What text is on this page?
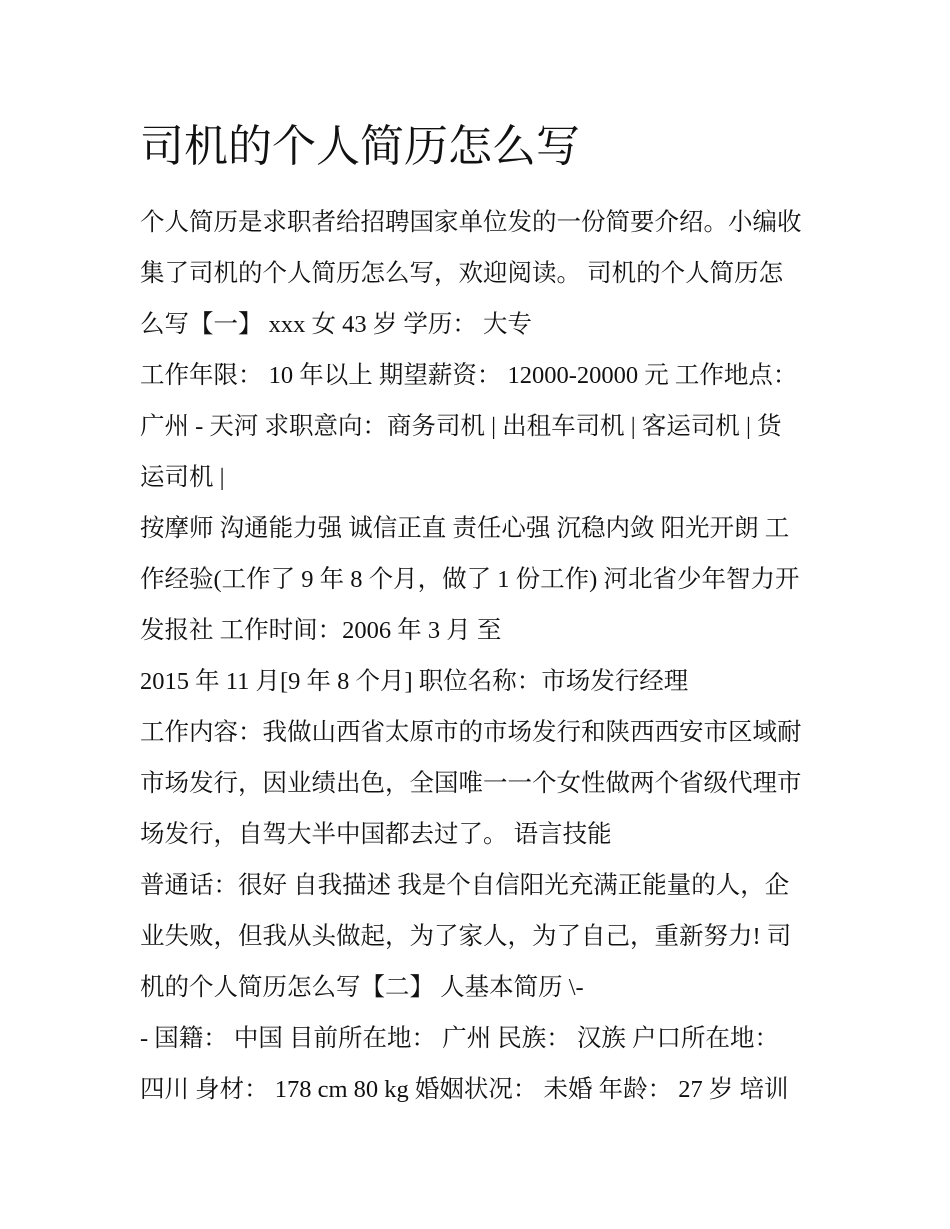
司机的个人简历怎么写
个人简历是求职者给招聘国家单位发的一份简要介绍。小编收
集了司机的个人简历怎么写，欢迎阅读。 司机的个人简历怎
么写【一】 xxx 女 43 岁 学历： 大专
工作年限： 10 年以上 期望薪资： 12000-20000 元 工作地点：
广州 - 天河 求职意向：商务司机 | 出租车司机 | 客运司机 | 货
运司机 |
按摩师 沟通能力强 诚信正直 责任心强 沉稳内敛 阳光开朗 工
作经验(工作了 9 年 8 个月，做了 1 份工作) 河北省少年智力开
发报社 工作时间：2006 年 3 月 至
2015 年 11 月[9 年 8 个月] 职位名称：市场发行经理
工作内容：我做山西省太原市的市场发行和陕西西安市区域耐
市场发行，因业绩出色，全国唯一一个女性做两个省级代理市
场发行，自驾大半中国都去过了。 语言技能
普通话：很好 自我描述 我是个自信阳光充满正能量的人，企
业失败，但我从头做起，为了家人，为了自己，重新努力! 司
机的个人简历怎么写【二】 人基本简历 \-
- 国籍： 中国 目前所在地： 广州 民族： 汉族 户口所在地：
四川 身材： 178 cm 80 kg 婚姻状况： 未婚 年龄： 27 岁 培训
